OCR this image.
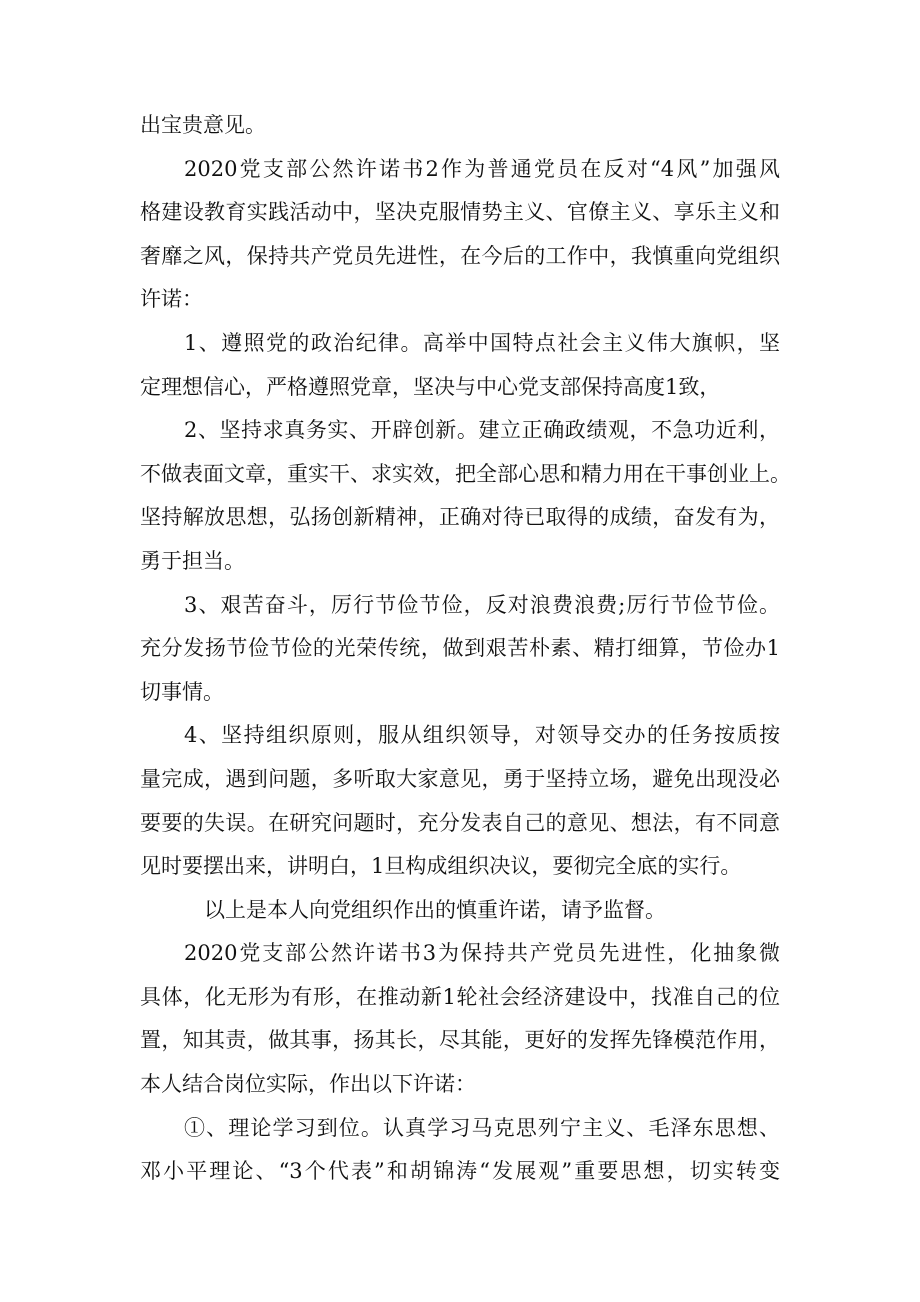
出宝贵意见。
2020党支部公然许诺书2作为普通党员在反对“4风”加强风
格建设教育实践活动中，坚决克服情势主义、官僚主义、享乐主义和
奢靡之风，保持共产党员先进性，在今后的工作中，我慎重向党组织
许诺：
1、遵照党的政治纪律。高举中国特点社会主义伟大旗帜，坚
定理想信心，严格遵照党章，坚决与中心党支部保持高度1致，
2、坚持求真务实、开辟创新。建立正确政绩观，不急功近利，
不做表面文章，重实干、求实效，把全部心思和精力用在干事创业上。
坚持解放思想，弘扬创新精神，正确对待已取得的成绩，奋发有为，
勇于担当。
3、艰苦奋斗，厉行节俭节俭，反对浪费浪费;厉行节俭节俭。
充分发扬节俭节俭的光荣传统，做到艰苦朴素、精打细算，节俭办1
切事情。
4、坚持组织原则，服从组织领导，对领导交办的任务按质按
量完成，遇到问题，多听取大家意见，勇于坚持立场，避免出现没必
要要的失误。在研究问题时，充分发表自己的意见、想法，有不同意
见时要摆出来，讲明白，1旦构成组织决议，要彻完全底的实行。
以上是本人向党组织作出的慎重许诺，请予监督。
2020党支部公然许诺书3为保持共产党员先进性，化抽象微
具体，化无形为有形，在推动新1轮社会经济建设中，找准自己的位
置，知其责，做其事，扬其长，尽其能，更好的发挥先锋模范作用，
本人结合岗位实际，作出以下许诺：
①、理论学习到位。认真学习马克思列宁主义、毛泽东思想、
邓小平理论、“3个代表”和胡锦涛“发展观”重要思想，切实转变
